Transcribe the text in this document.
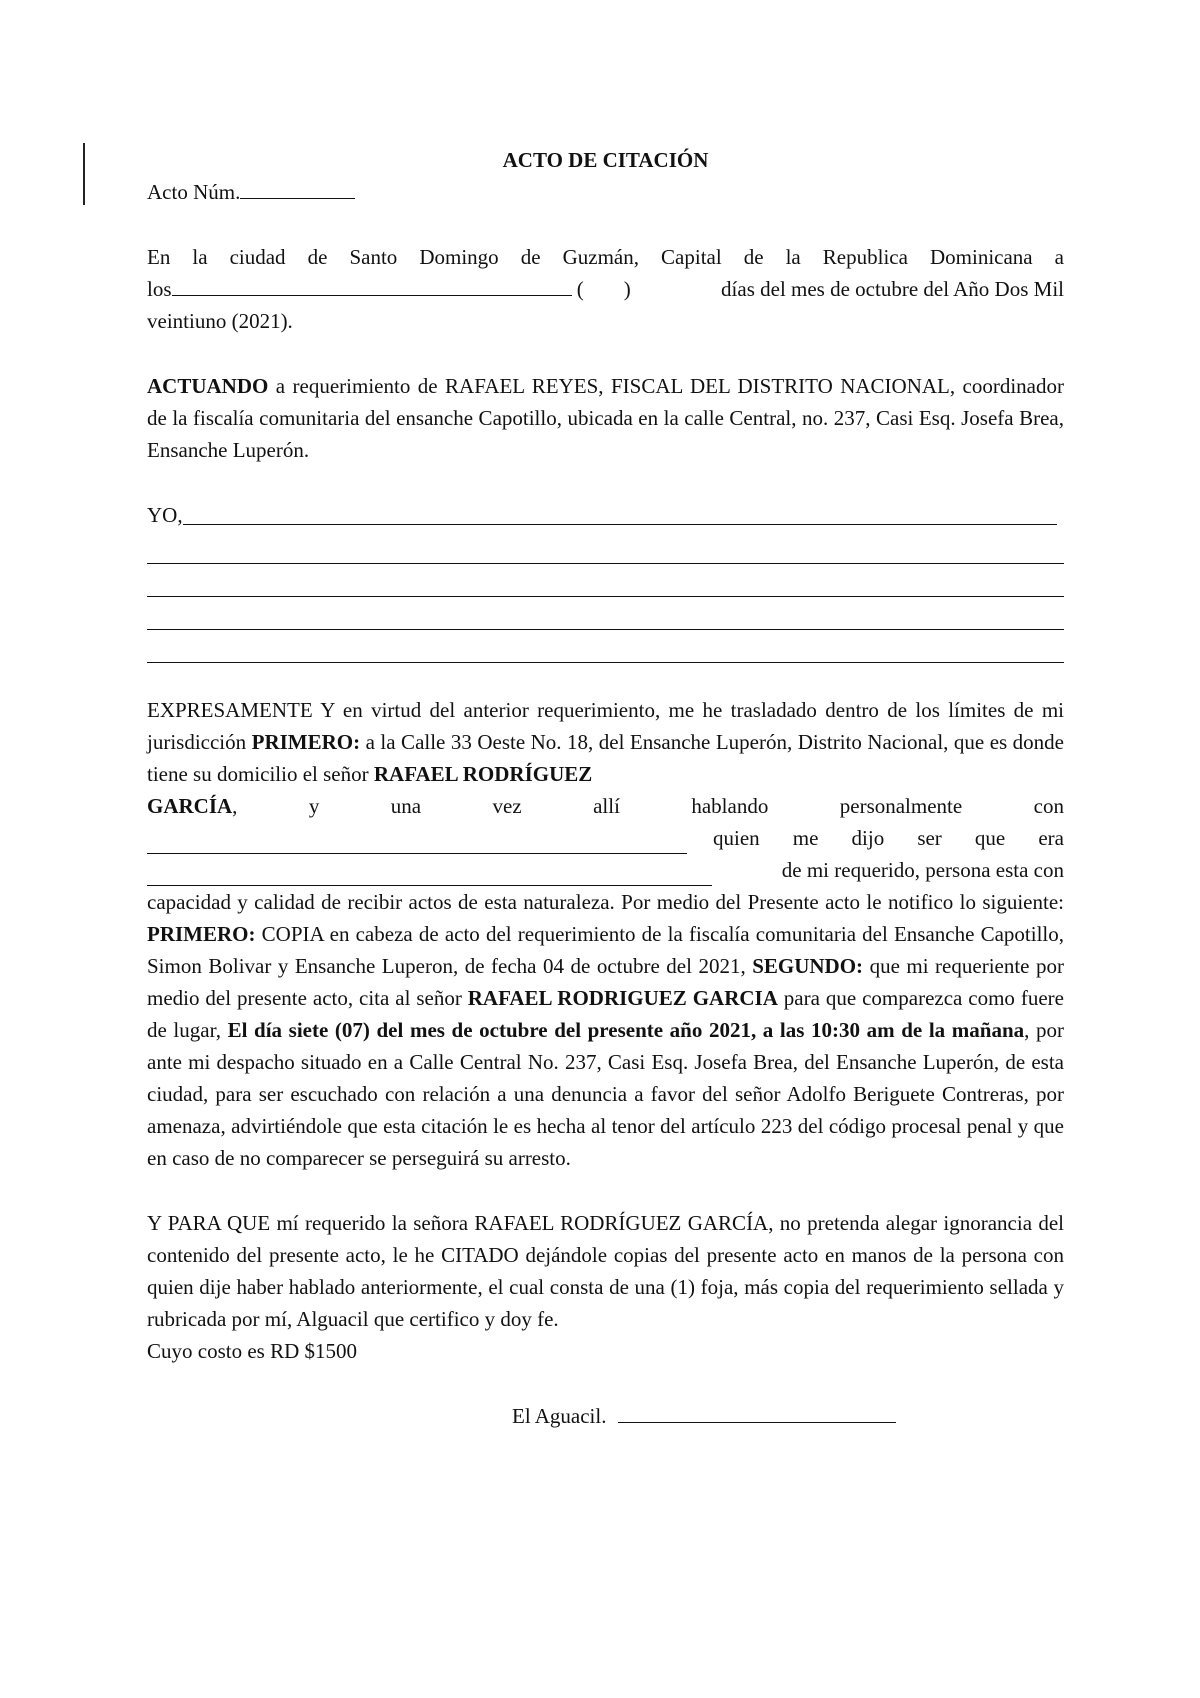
ACTO DE CITACIÓN
Acto Núm.
En la ciudad de Santo Domingo de Guzmán, Capital de la Republica Dominicana a
los	( )	días del mes de octubre del Año Dos Mil
veintiuno (2021).

ACTUANDO a requerimiento de RAFAEL REYES, FISCAL DEL DISTRITO NACIONAL, coordinador de la fiscalía comunitaria del ensanche Capotillo, ubicada en la calle Central, no. 237, Casi Esq. Josefa Brea, Ensanche Luperón.

YO,

EXPRESAMENTE Y en virtud del anterior requerimiento, me he trasladado dentro de los límites de mi jurisdicción PRIMERO: a la Calle 33 Oeste No. 18, del Ensanche Luperón, Distrito Nacional, que es donde tiene su domicilio el señor RAFAEL RODRÍGUEZ

GARCÍA,	y	una	vez	allí	hablando	personalmente	con
quien me dijo ser que era
de mi requerido, persona esta con

capacidad y calidad de recibir actos de esta naturaleza. Por medio del Presente acto le notifico lo siguiente: PRIMERO: COPIA en cabeza de acto del requerimiento de la fiscalía comunitaria del Ensanche Capotillo, Simon Bolivar y Ensanche Luperon, de fecha 04 de octubre del 2021, SEGUNDO: que mi requeriente por medio del presente acto, cita al señor RAFAEL RODRIGUEZ GARCIA para que comparezca como fuere de lugar, El día siete (07) del mes de octubre del presente año 2021, a las 10:30 am de la mañana, por ante mi despacho situado en a Calle Central No. 237, Casi Esq. Josefa Brea, del Ensanche Luperón, de esta ciudad, para ser escuchado con relación a una denuncia a favor del señor Adolfo Beriguete Contreras, por amenaza, advirtiéndole que esta citación le es hecha al tenor del artículo 223 del código procesal penal y que en caso de no comparecer se perseguirá su arresto.

Y PARA QUE mí requerido la señora RAFAEL RODRÍGUEZ GARCÍA, no pretenda alegar ignorancia del contenido del presente acto, le he CITADO dejándole copias del presente acto en manos de la persona con quien dije haber hablado anteriormente, el cual consta de una (1) foja, más copia del requerimiento sellada y rubricada por mí, Alguacil que certifico y doy fe.

Cuyo costo es RD $1500
El Aguacil.
